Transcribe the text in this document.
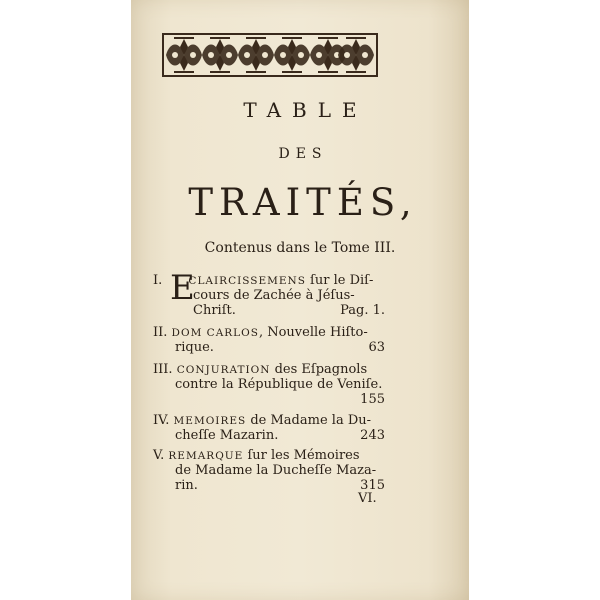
TABLE
DES
TRAITÉS,
Contenus dans le Tome III.
I. E
CLAIRCISSEMENS ſur le Diſ-
cours de Zachée à Jéſus-
Chriſt.	Pag. 1.
II. DOM CARLOS, Nouvelle Hiſto-
rique.	63
III. CONJURATION des Eſpagnols
contre la République de Veniſe.
155
IV. MEMOIRES de Madame la Du-
cheſſe Mazarin.	243
V. REMARQUE ſur les Mémoires
de Madame la Ducheſſe Maza-
rin.	315
VI.
